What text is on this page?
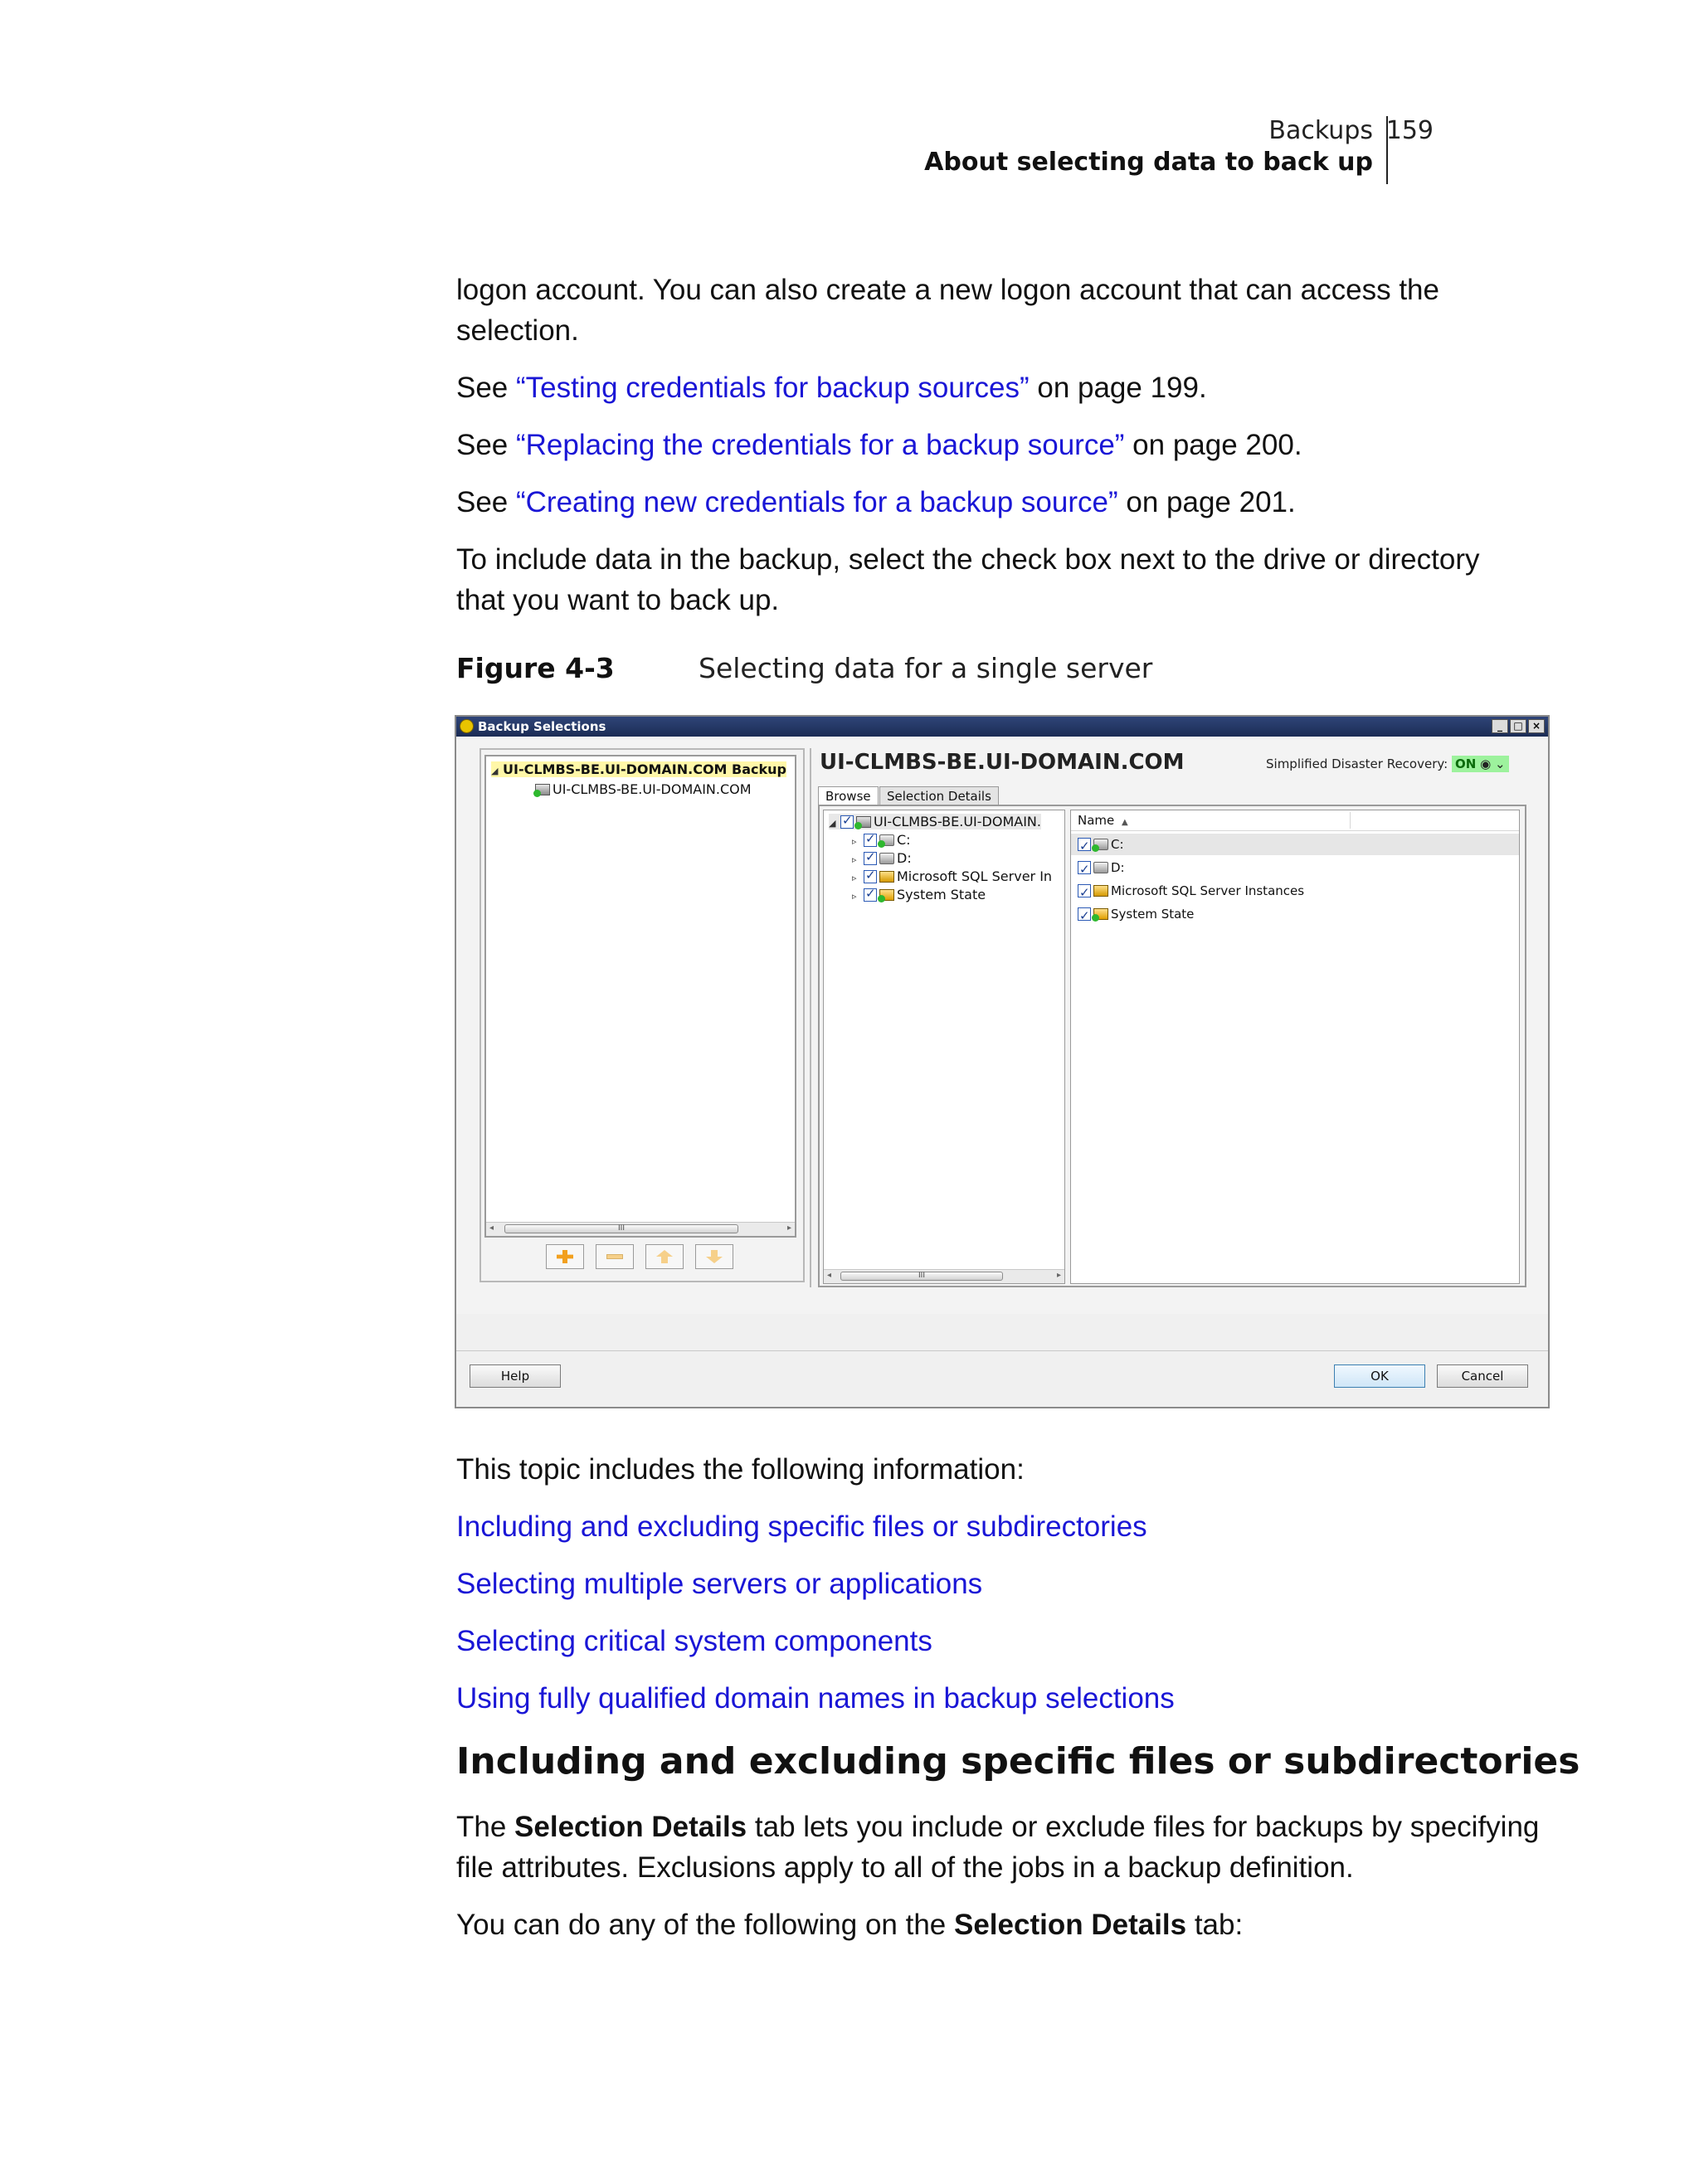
Backups
About selecting data to back up
159
logon account. You can also create a new logon account that can access the
selection.
See “Testing credentials for backup sources” on page 199.
See “Replacing the credentials for a backup source” on page 200.
See “Creating new credentials for a backup source” on page 201.
To include data in the backup, select the check box next to the drive or directory
that you want to back up.
Figure 4-3	Selecting data for a single server
Backup Selections	_	□ ×
◢ UI-CLMBS-BE.UI-DOMAIN.COM Backup
UI-CLMBS-BE.UI-DOMAIN.COM
◂	III	▸
UI-CLMBS-BE.UI-DOMAIN.COM	Simplified Disaster Recovery: ON ◉ ⌄
Browse	Selection Details
◢ ✓	UI-CLMBS-BE.UI-DOMAIN.
▹ ✓	C:
▹ ✓	D:
▹ ✓	Microsoft SQL Server In
▹ ✓	System State
◂	III	▸
Name ▲
✓C:
✓D:
✓Microsoft SQL Server Instances
✓System State
Help	OK	Cancel
This topic includes the following information:
Including and excluding specific files or subdirectories
Selecting multiple servers or applications
Selecting critical system components
Using fully qualified domain names in backup selections
Including and excluding specific files or subdirectories
The Selection Details tab lets you include or exclude files for backups by specifying
file attributes. Exclusions apply to all of the jobs in a backup definition.
You can do any of the following on the Selection Details tab:
